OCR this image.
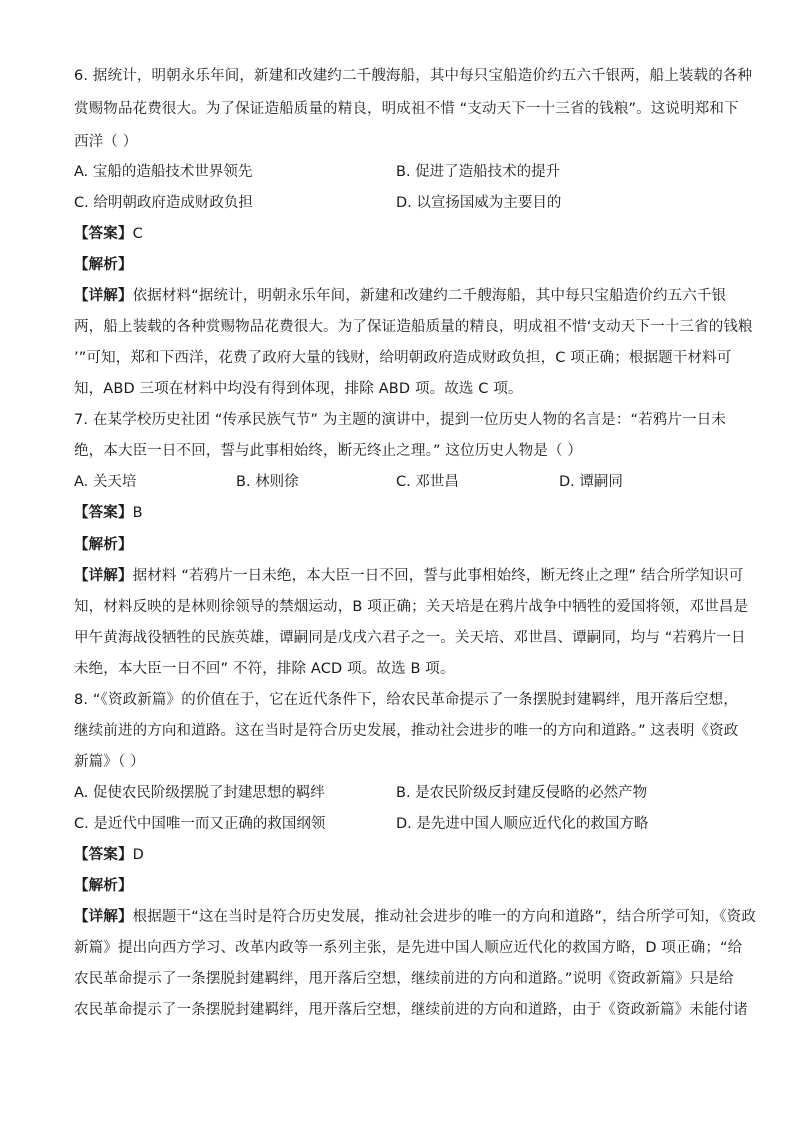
6. 据统计，明朝永乐年间，新建和改建约二千艘海船，其中每只宝船造价约五六千银两，船上装载的各种
赏赐物品花费很大。为了保证造船质量的精良，明成祖不惜 “支动天下一十三省的钱粮”。这说明郑和下
西洋（ ）
A. 宝船的造船技术世界领先	B. 促进了造船技术的提升
C. 给明朝政府造成财政负担	D. 以宣扬国威为主要目的
【答案】C
【解析】
【详解】依据材料“据统计，明朝永乐年间，新建和改建约二千艘海船，其中每只宝船造价约五六千银
两，船上装载的各种赏赐物品花费很大。为了保证造船质量的精良，明成祖不惜‘支动天下一十三省的钱粮
’”可知，郑和下西洋，花费了政府大量的钱财，给明朝政府造成财政负担，C 项正确；根据题干材料可
知，ABD 三项在材料中均没有得到体现，排除 ABD 项。故选 C 项。
7. 在某学校历史社团 “传承民族气节” 为主题的演讲中，提到一位历史人物的名言是：“若鸦片一日未
绝，本大臣一日不回，誓与此事相始终，断无终止之理。” 这位历史人物是（ ）
A. 关天培	B. 林则徐	C. 邓世昌	D. 谭嗣同
【答案】B
【解析】
【详解】据材料 “若鸦片一日未绝，本大臣一日不回，誓与此事相始终，断无终止之理” 结合所学知识可
知，材料反映的是林则徐领导的禁烟运动，B 项正确；关天培是在鸦片战争中牺牲的爱国将领，邓世昌是
甲午黄海战役牺牲的民族英雄，谭嗣同是戊戌六君子之一。关天培、邓世昌、谭嗣同，均与 “若鸦片一日
未绝，本大臣一日不回” 不符，排除 ACD 项。故选 B 项。
8. “《资政新篇》的价值在于，它在近代条件下，给农民革命提示了一条摆脱封建羁绊，甩开落后空想，
继续前进的方向和道路。这在当时是符合历史发展，推动社会进步的唯一的方向和道路。” 这表明《资政
新篇》（ ）
A. 促使农民阶级摆脱了封建思想的羁绊	B. 是农民阶级反封建反侵略的必然产物
C. 是近代中国唯一而又正确的救国纲领	D. 是先进中国人顺应近代化的救国方略
【答案】D
【解析】
【详解】根据题干“这在当时是符合历史发展，推动社会进步的唯一的方向和道路”，结合所学可知，《资政
新篇》提出向西方学习、改革内政等一系列主张，是先进中国人顺应近代化的救国方略，D 项正确；“给
农民革命提示了一条摆脱封建羁绊，甩开落后空想，继续前进的方向和道路。”说明《资政新篇》只是给
农民革命提示了一条摆脱封建羁绊，甩开落后空想，继续前进的方向和道路，由于《资政新篇》未能付诸
